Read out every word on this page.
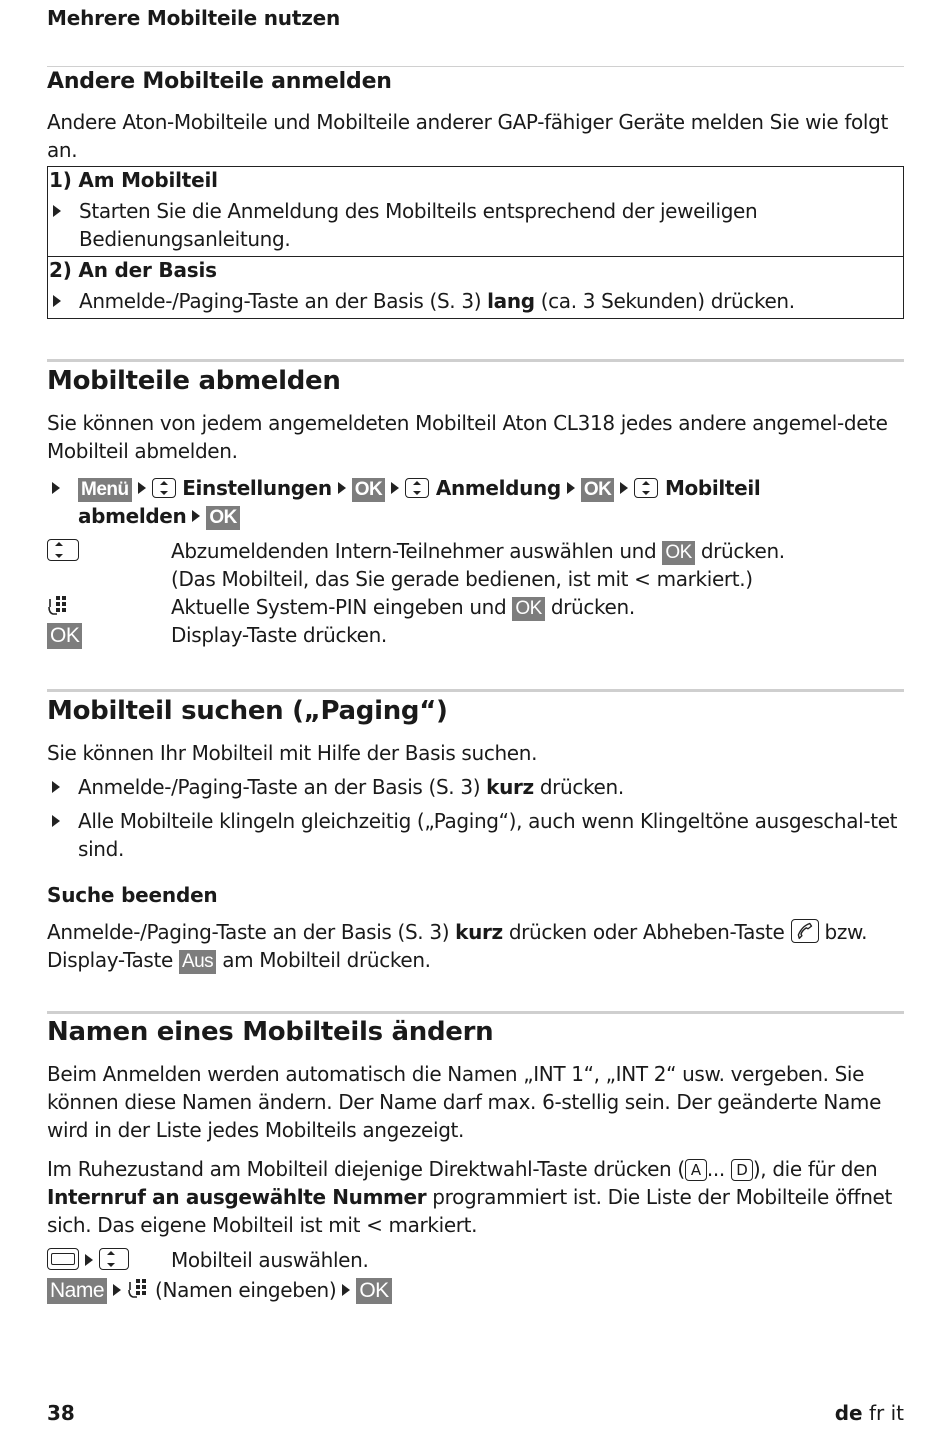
Mehrere Mobilteile nutzen
Andere Mobilteile anmelden
Andere Aton-Mobilteile und Mobilteile anderer GAP-fähiger Geräte melden Sie wie folgt an.
1) Am Mobilteil
Starten Sie die Anmeldung des Mobilteils entsprechend der jeweiligen Bedienungsanleitung.
2) An der Basis
Anmelde-/Paging-Taste an der Basis (S. 3) lang (ca. 3 Sekunden) drücken.
Mobilteile abmelden
Sie können von jedem angemeldeten Mobilteil Aton CL318 jedes andere angemel-dete Mobilteil abmelden.
Menü	Einstellungen OK	Anmeldung OK	Mobilteil
abmelden OK
Abzumeldenden Intern-Teilnehmer auswählen und OK drücken.
(Das Mobilteil, das Sie gerade bedienen, ist mit < markiert.)
Aktuelle System-PIN eingeben und OK drücken.
OK	Display-Taste drücken.
Mobilteil suchen („Paging“)
Sie können Ihr Mobilteil mit Hilfe der Basis suchen.
Anmelde-/Paging-Taste an der Basis (S. 3) kurz drücken.
Alle Mobilteile klingeln gleichzeitig („Paging“), auch wenn Klingeltöne ausgeschal-tet sind.
Suche beenden
Anmelde-/Paging-Taste an der Basis (S. 3) kurz drücken oder Abheben-Taste
bzw.
Display-Taste Aus am Mobilteil drücken.
Namen eines Mobilteils ändern
Beim Anmelden werden automatisch die Namen „INT 1“, „INT 2“ usw. vergeben. Sie können diese Namen ändern. Der Name darf max. 6-stellig sein. Der geänderte Name wird in der Liste jedes Mobilteils angezeigt.
Im Ruhezustand am Mobilteil diejenige Direktwahl-Taste drücken ( A ... D ), die für den Internruf an ausgewählte Nummer programmiert ist. Die Liste der Mobilteile öffnet sich. Das eigene Mobilteil ist mit < markiert.
Mobilteil auswählen.
Name	(Namen eingeben) OK
38	de fr it
